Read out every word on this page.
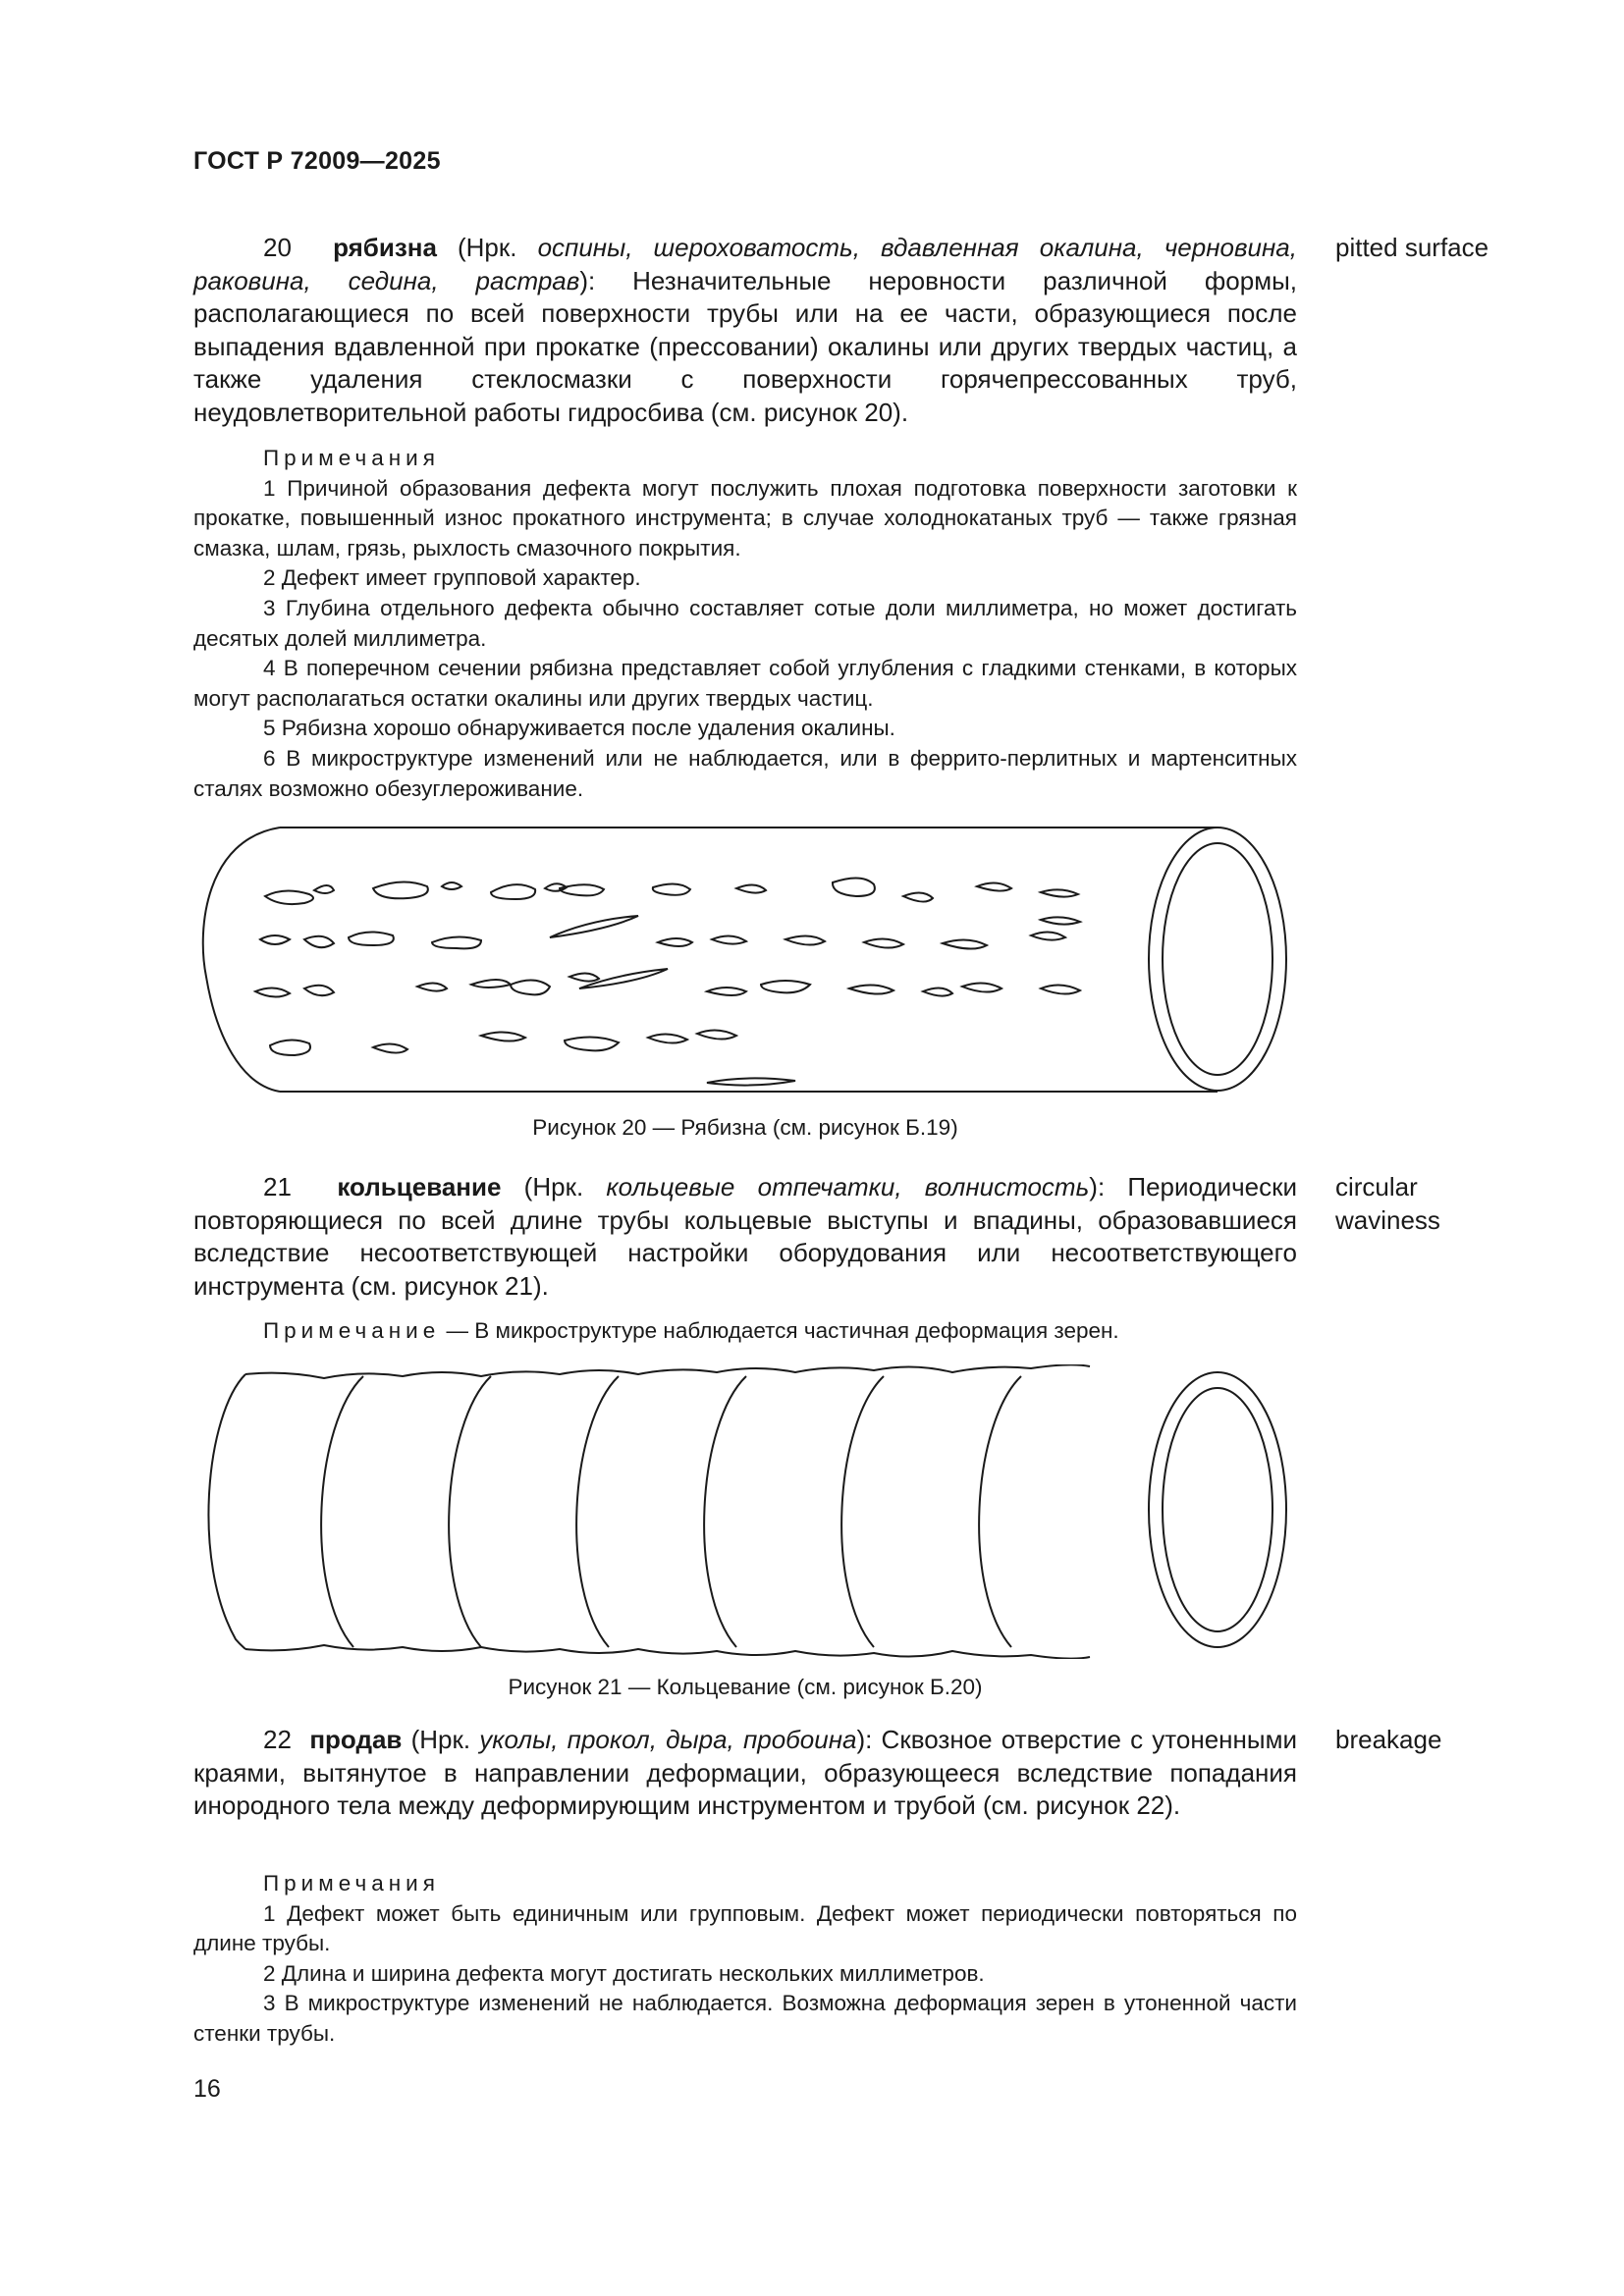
ГОСТ Р 72009—2025

20 рябизна (Нрк. оспины, шероховатость, вдавленная окалина, черновина, раковина, седина, растрав): Незначительные неровности различной формы, располагающиеся по всей поверхности трубы или на ее части, образующиеся после выпадения вдавленной при прокатке (прессовании) окалины или других твердых частиц, а также удаления стеклосмазки с поверхности горячепрессованных труб, неудовлетворительной работы гидросбива (см. рисунок 20).

pitted surface

Примечания

1 Причиной образования дефекта могут послужить плохая подготовка поверхности заготовки к прокатке, повышенный износ прокатного инструмента; в случае холоднокатаных труб — также грязная смазка, шлам, грязь, рыхлость смазочного покрытия.

2 Дефект имеет групповой характер.

3 Глубина отдельного дефекта обычно составляет сотые доли миллиметра, но может достигать десятых долей миллиметра.

4 В поперечном сечении рябизна представляет собой углубления с гладкими стенками, в которых могут располагаться остатки окалины или других твердых частиц.

5 Рябизна хорошо обнаруживается после удаления окалины.

6 В микроструктуре изменений или не наблюдается, или в феррито-перлитных и мартенситных сталях возможно обезуглероживание.

Рисунок 20 — Рябизна (см. рисунок Б.19)

21 кольцевание (Нрк. кольцевые отпечатки, волнистость): Периодически повторяющиеся по всей длине трубы кольцевые выступы и впадины, образовавшиеся вследствие несоответствующей настройки оборудования или несоответствующего инструмента (см. рисунок 21).

circular
waviness

Примечание — В микроструктуре наблюдается частичная деформация зерен.

Рисунок 21 — Кольцевание (см. рисунок Б.20)

22 продав (Нрк. уколы, прокол, дыра, пробоина): Сквозное отверстие с утоненными краями, вытянутое в направлении деформации, образующееся вследствие попадания инородного тела между деформирующим инструментом и трубой (см. рисунок 22).

breakage

Примечания

1 Дефект может быть единичным или групповым. Дефект может периодически повторяться по длине трубы.

2 Длина и ширина дефекта могут достигать нескольких миллиметров.

3 В микроструктуре изменений не наблюдается. Возможна деформация зерен в утоненной части стенки трубы.

16
